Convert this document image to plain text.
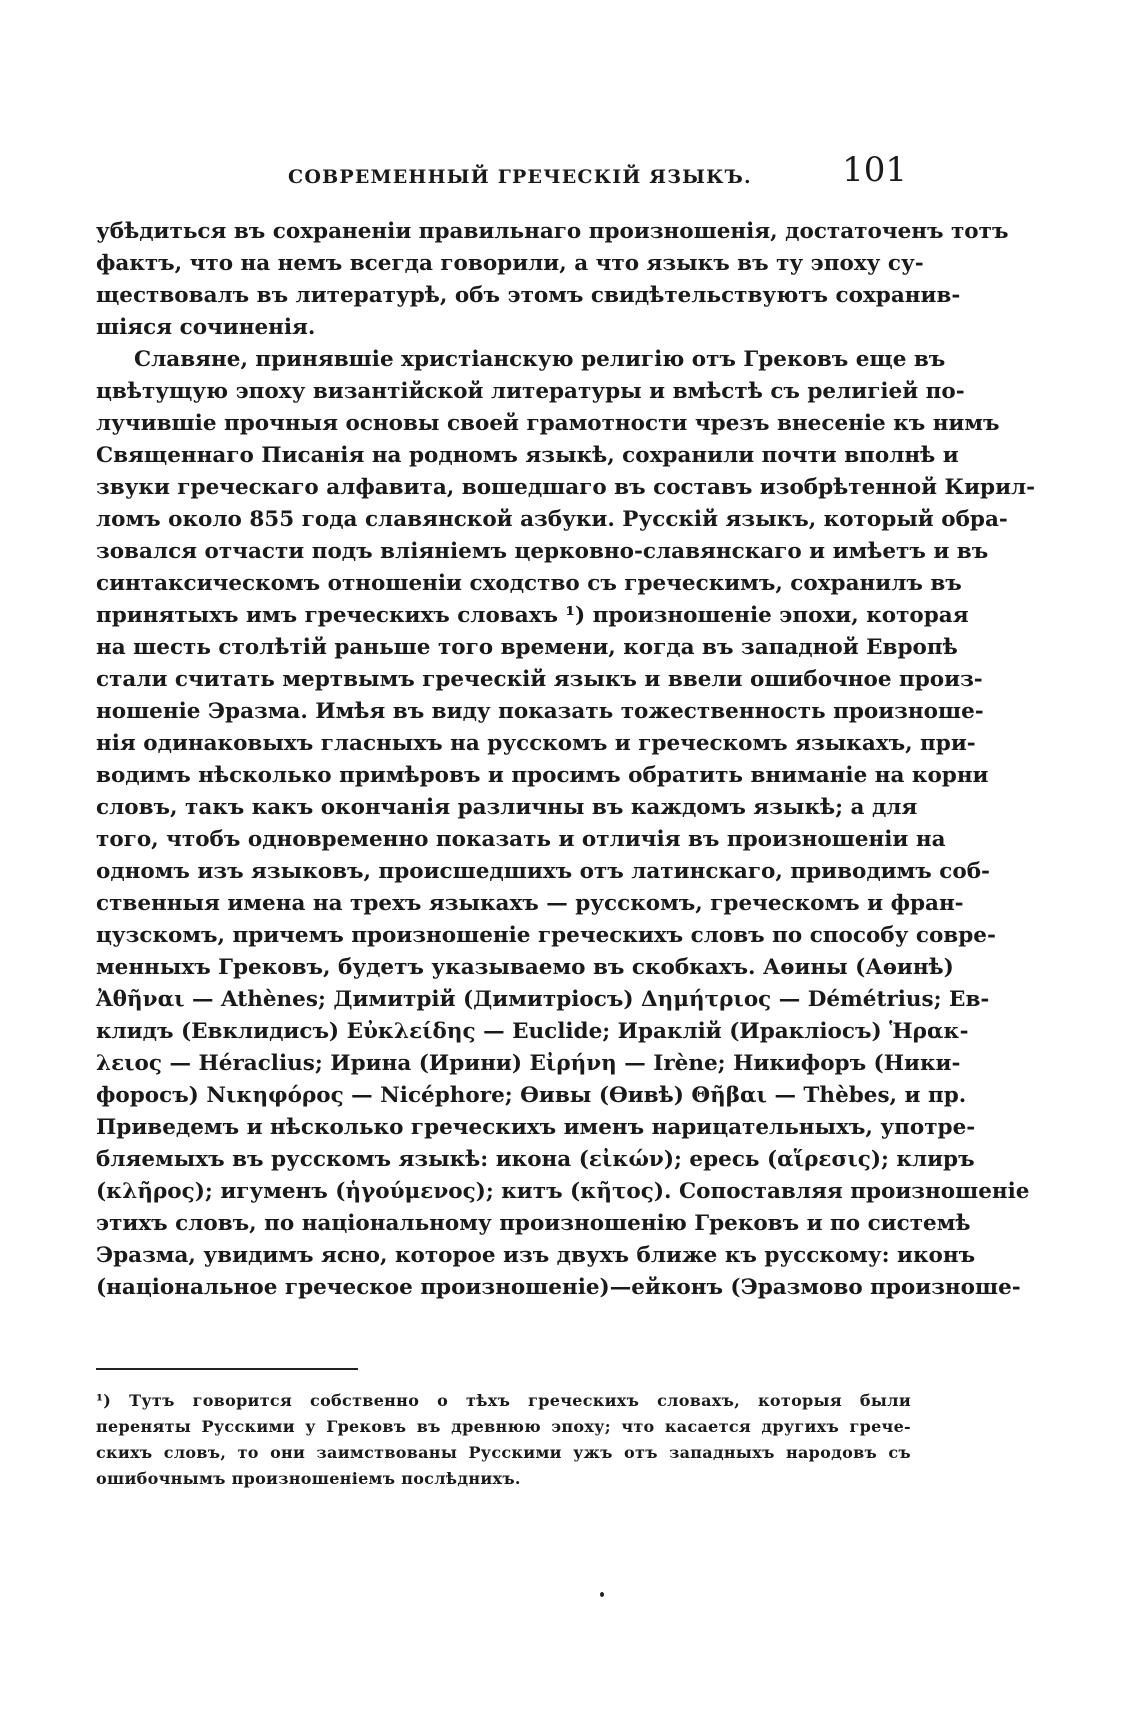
СОВРЕМЕННЫЙ ГРЕЧЕСКІЙ ЯЗЫКЪ.	101
убѣдиться въ сохраненіи правильнаго произношенія, достаточенъ тотъ
фактъ, что на немъ всегда говорили, а что языкъ въ ту эпоху су-
ществовалъ въ литературѣ, объ этомъ свидѣтельствуютъ сохранив-
шіяся сочиненія.
Славяне, принявшіе христіанскую религію отъ Грековъ еще въ
цвѣтущую эпоху византійской литературы и вмѣстѣ съ религіей по-
лучившіе прочныя основы своей грамотности чрезъ внесеніе къ нимъ
Священнаго Писанія на родномъ языкѣ, сохранили почти вполнѣ и
звуки греческаго алфавита, вошедшаго въ составъ изобрѣтенной Кирил-
ломъ около 855 года славянской азбуки. Русскій языкъ, который обра-
зовался отчасти подъ вліяніемъ церковно-славянскаго и имѣетъ и въ
синтаксическомъ отношеніи сходство съ греческимъ, сохранилъ въ
принятыхъ имъ греческихъ словахъ ¹) произношеніе эпохи, которая
на шесть столѣтій раньше того времени, когда въ западной Европѣ
стали считать мертвымъ греческій языкъ и ввели ошибочное произ-
ношеніе Эразма. Имѣя въ виду показать тожественность произноше-
нія одинаковыхъ гласныхъ на русскомъ и греческомъ языкахъ, при-
водимъ нѣсколько примѣровъ и просимъ обратить вниманіе на корни
словъ, такъ какъ окончанія различны въ каждомъ языкѣ; а для
того, чтобъ одновременно показать и отличія въ произношеніи на
одномъ изъ языковъ, происшедшихъ отъ латинскаго, приводимъ соб-
ственныя имена на трехъ языкахъ — русскомъ, греческомъ и фран-
цузскомъ, причемъ произношеніе греческихъ словъ по способу совре-
менныхъ Грековъ, будетъ указываемо въ скобкахъ. Аѳины (Аѳинѣ)
Ἀθῆναι — Athènes; Димитрій (Димитріосъ) Δημήτριος — Démétrius; Ев-
клидъ (Евклидисъ) Εὐκλείδης — Euclide; Ираклій (Ираклiосъ) Ἡρακ-
λειος — Héraclius; Ирина (Ирини) Εἰρήνη — Irène; Никифоръ (Ники-
форосъ) Νικηφόρος — Nicéphore; Ѳивы (Ѳивѣ) Θῆβαι — Thèbes, и пр.
Приведемъ и нѣсколько греческихъ именъ нарицательныхъ, употре-
бляемыхъ въ русскомъ языкѣ: икона (εἰκών); ересь (αἵρεσις); клиръ
(κλῆρος); игуменъ (ἡγούμενος); китъ (κῆτος). Сопоставляя произношеніе
этихъ словъ, по національному произношенію Грековъ и по системѣ
Эразма, увидимъ ясно, которое изъ двухъ ближе къ русскому: иконъ
(національное греческое произношеніе)—ейконъ (Эразмово произноше-
¹) Тутъ говорится собственно о тѣхъ греческихъ словахъ, которыя были
переняты Русскими у Грековъ въ древнюю эпоху; что касается другихъ грече-
скихъ словъ, то они заимствованы Русскими ужъ отъ западныхъ народовъ съ
ошибочнымъ произношеніемъ послѣднихъ.
